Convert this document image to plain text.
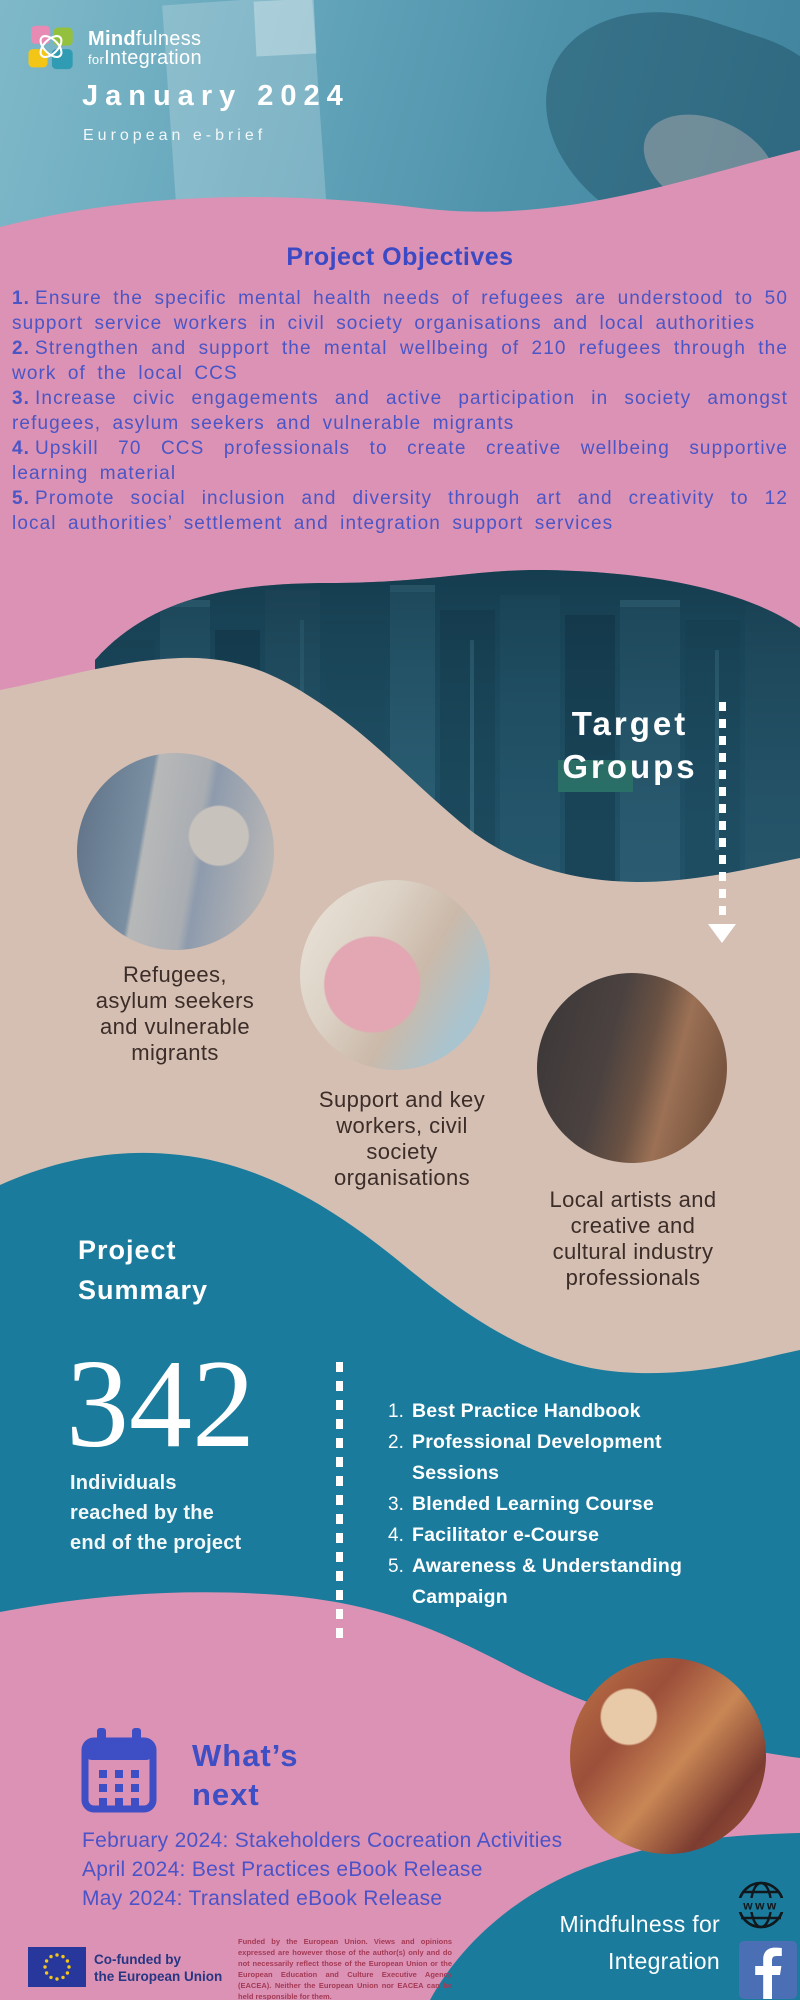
Mindfulness
forIntegration
January 2024
European e-brief
Project Objectives

1. Ensure the specific mental health needs of refugees are understood to 50 support service workers in civil society organisations and local authorities

2. Strengthen and support the mental wellbeing of 210 refugees through the work of the local CCS

3. Increase civic engagements and active participation in society amongst refugees, asylum seekers and vulnerable migrants

4. Upskill 70 CCS professionals to create creative wellbeing supportive learning material

5. Promote social inclusion and diversity through art and creativity to 12 local authorities’ settlement and integration support services

Target
Groups
Refugees,
asylum seekers
and vulnerable
migrants
Support and key
workers, civil
society
organisations
Local artists and
creative and
cultural industry
professionals
Project
Summary
342
Individuals
reached by the
end of the project
1. Best Practice Handbook
2. Professional Development Sessions
3. Blended Learning Course
4. Facilitator e-Course
5. Awareness & Understanding Campaign
What’s
next
February 2024: Stakeholders Cocreation Activities
April 2024: Best Practices eBook Release
May 2024: Translated eBook Release
Co-funded by
the European Union
Funded by the European Union. Views and opinions expressed are however those of the author(s) only and do not necessarily reflect those of the European Union or the European Education and Culture Executive Agency (EACEA). Neither the European Union nor EACEA can be held responsible for them.
Mindfulness for
Integration
www
